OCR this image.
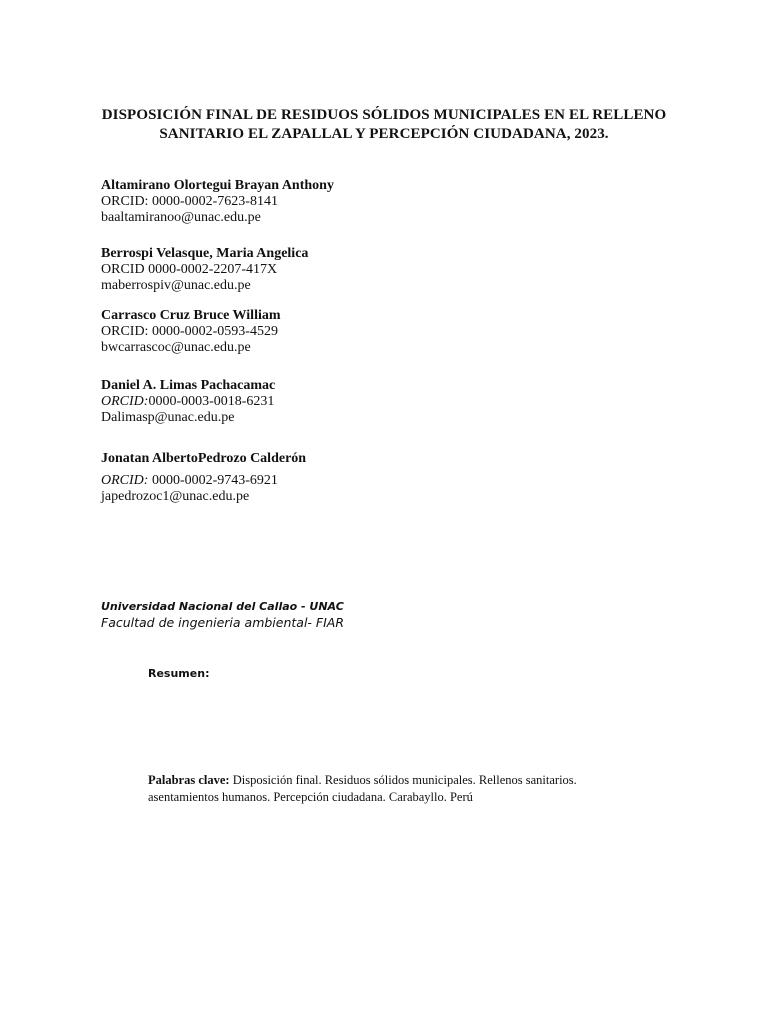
DISPOSICIÓN FINAL DE RESIDUOS SÓLIDOS MUNICIPALES EN EL RELLENO
SANITARIO EL ZAPALLAL Y PERCEPCIÓN CIUDADANA, 2023.
Altamirano Olortegui Brayan Anthony
ORCID: 0000-0002-7623-8141
baaltamiranoo@unac.edu.pe
Berrospi Velasque, Maria Angelica
ORCID 0000-0002-2207-417X
maberrospiv@unac.edu.pe
Carrasco Cruz Bruce William
ORCID: 0000-0002-0593-4529
bwcarrascoc@unac.edu.pe
Daniel A. Limas Pachacamac
ORCID:0000-0003-0018-6231
Dalimasp@unac.edu.pe
Jonatan AlbertoPedrozo Calderón
ORCID: 0000-0002-9743-6921
japedrozoc1@unac.edu.pe
Universidad Nacional del Callao - UNAC
Facultad de ingenieria ambiental- FIAR
Resumen:
Palabras clave: Disposición final. Residuos sólidos municipales. Rellenos sanitarios. asentamientos humanos. Percepción ciudadana. Carabayllo. Perú
